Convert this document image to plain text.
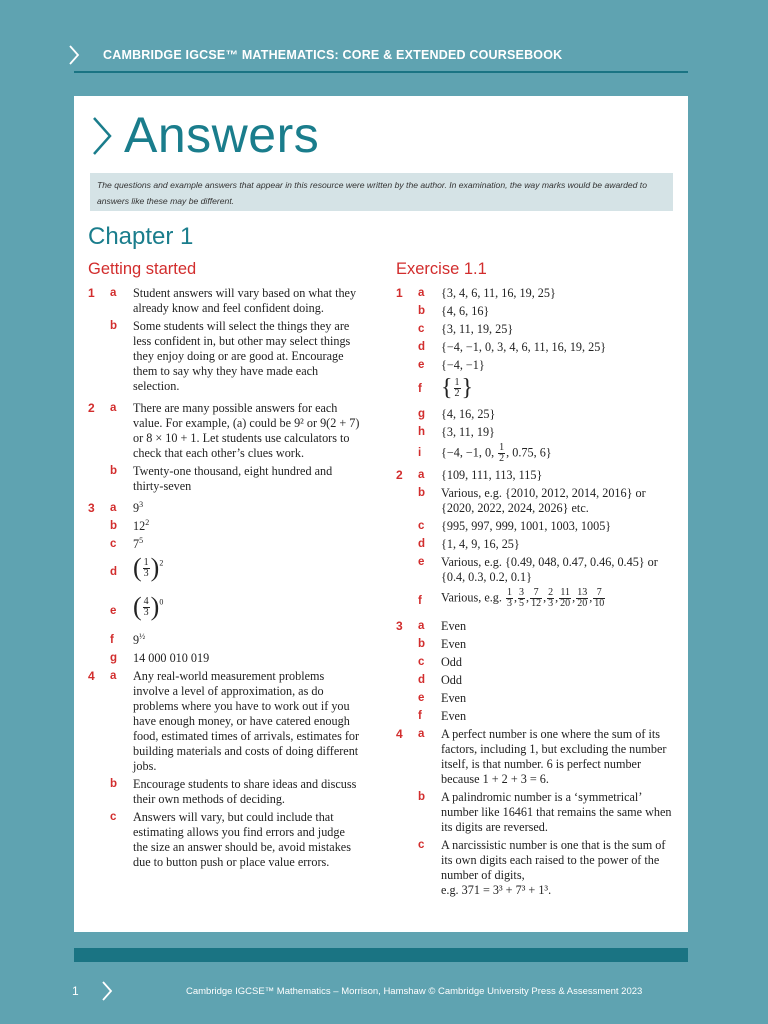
CAMBRIDGE IGCSE™ MATHEMATICS: CORE & EXTENDED COURSEBOOK
Answers
The questions and example answers that appear in this resource were written by the author. In examination, the way marks would be awarded to answers like these may be different.
Chapter 1
Getting started
1 a Student answers will vary based on what they already know and feel confident doing.
b Some students will select the things they are less confident in, but other may select things they enjoy doing or are good at. Encourage them to say why they have made each selection.
2 a There are many possible answers for each value. For example, (a) could be 9² or 9(2 + 7) or 8 × 10 + 1. Let students use calculators to check that each other’s clues work.
b Twenty-one thousand, eight hundred and thirty-seven
3 a $9^3$
b $12^2$
c $7^5$
d ( $\frac{1}{3} )^2$
e ( $\frac{4}{3} )^0$
f $9^{\frac{1}{2}}$
g 14 000 010 019
4 a Any real-world measurement problems involve a level of approximation, as do problems where you have to work out if you have enough money, or have catered enough food, estimated times of arrivals, estimates for building materials and costs of doing different jobs.
b Encourage students to share ideas and discuss their own methods of deciding.
c Answers will vary, but could include that estimating allows you find errors and judge the size an answer should be, avoid mistakes due to button push or place value errors.
Exercise 1.1
1 a {3, 4, 6, 11, 16, 19, 25}
b {4, 6, 16}
c {3, 11, 19, 25}
d {−4, −1, 0, 3, 4, 6, 11, 16, 19, 25}
e {−4, −1}
f { $\frac{1}{2}$ }
g {4, 16, 25}
h {3, 11, 19}
i {−4, −1, 0, $\frac{1}{2}$ , 0.75, 6}
2 a {109, 111, 113, 115}
b Various, e.g. {2010, 2012, 2014, 2016} or {2020, 2022, 2024, 2026} etc.
c {995, 997, 999, 1001, 1003, 1005}
d {1, 4, 9, 16, 25}
e Various, e.g. {0.49, 048, 0.47, 0.46, 0.45} or {0.4, 0.3, 0.2, 0.1}
f Various, e.g. $\frac{1}{3}$ , $\frac{3}{5}$ , $\frac{7}{12}$ , $\frac{2}{3}$ , $\frac{11}{20}$ , $\frac{13}{20}$ , $\frac{7}{10}$
3 a Even
b Even
c Odd
d Odd
e Even
f Even
4 a A perfect number is one where the sum of its factors, including 1, but excluding the number itself, is that number. 6 is perfect number because 1 + 2 + 3 = 6.
b A palindromic number is a ‘symmetrical’ number like 16461 that remains the same when its digits are reversed.
c A narcissistic number is one that is the sum of its own digits each raised to the power of the number of digits,
e.g. 371 = 3³ + 7³ + 1³.
1	Cambridge IGCSE™ Mathematics – Morrison, Hamshaw © Cambridge University Press & Assessment 2023
